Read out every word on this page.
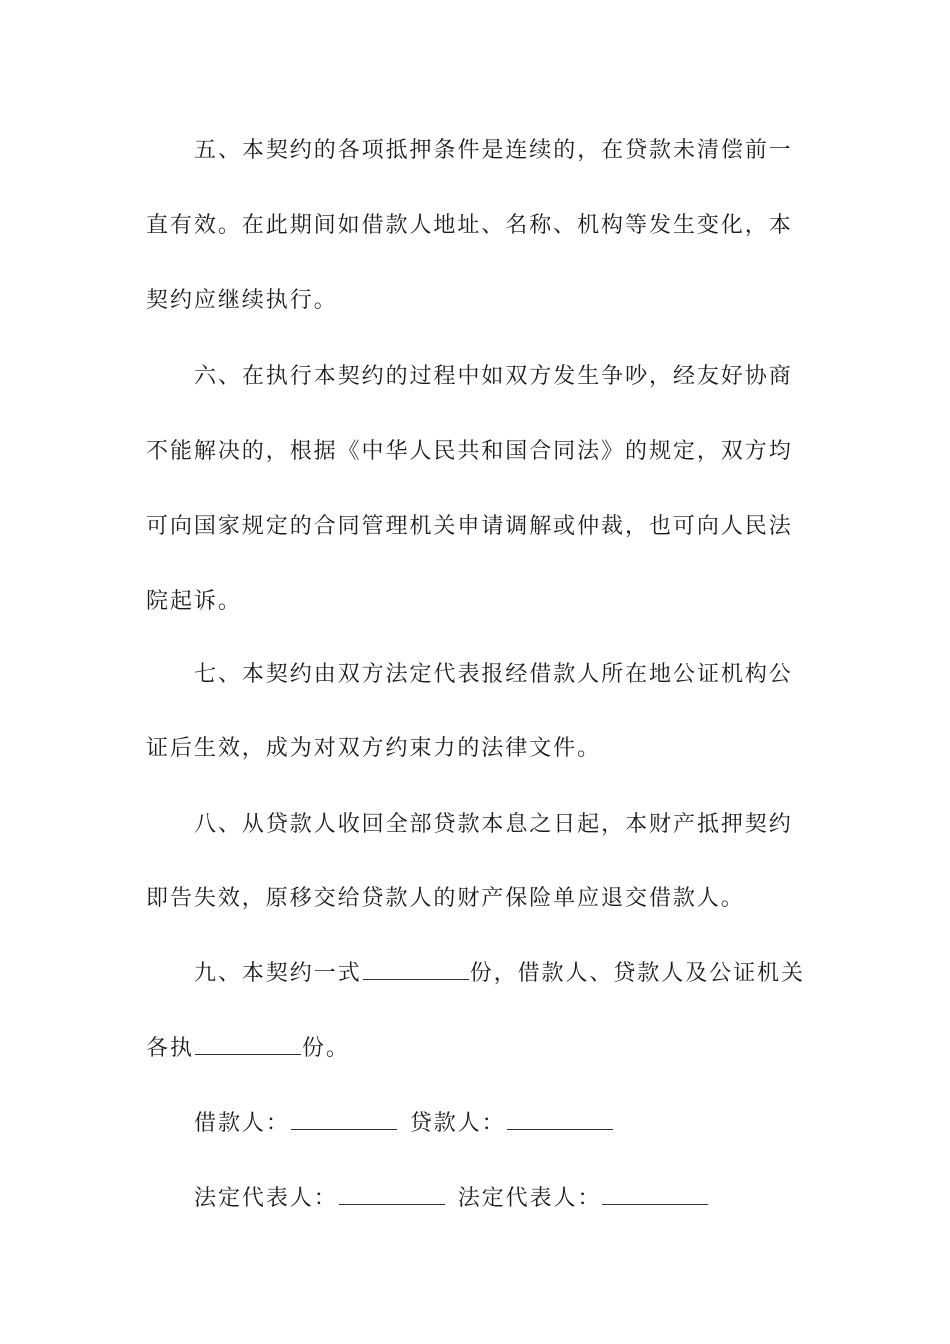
五、本契约的各项抵押条件是连续的，在贷款未清偿前一
直有效。在此期间如借款人地址、名称、机构等发生变化，本
契约应继续执行。
六、在执行本契约的过程中如双方发生争吵，经友好协商
不能解决的，根据《中华人民共和国合同法》的规定，双方均
可向国家规定的合同管理机关申请调解或仲裁，也可向人民法
院起诉。
七、本契约由双方法定代表报经借款人所在地公证机构公
证后生效，成为对双方约束力的法律文件。
八、从贷款人收回全部贷款本息之日起，本财产抵押契约
即告失效，原移交给贷款人的财产保险单应退交借款人。
九、本契约一式	份，借款人、贷款人及公证机关
各执	份。
借款人：	贷款人：
法定代表人：	法定代表人：
